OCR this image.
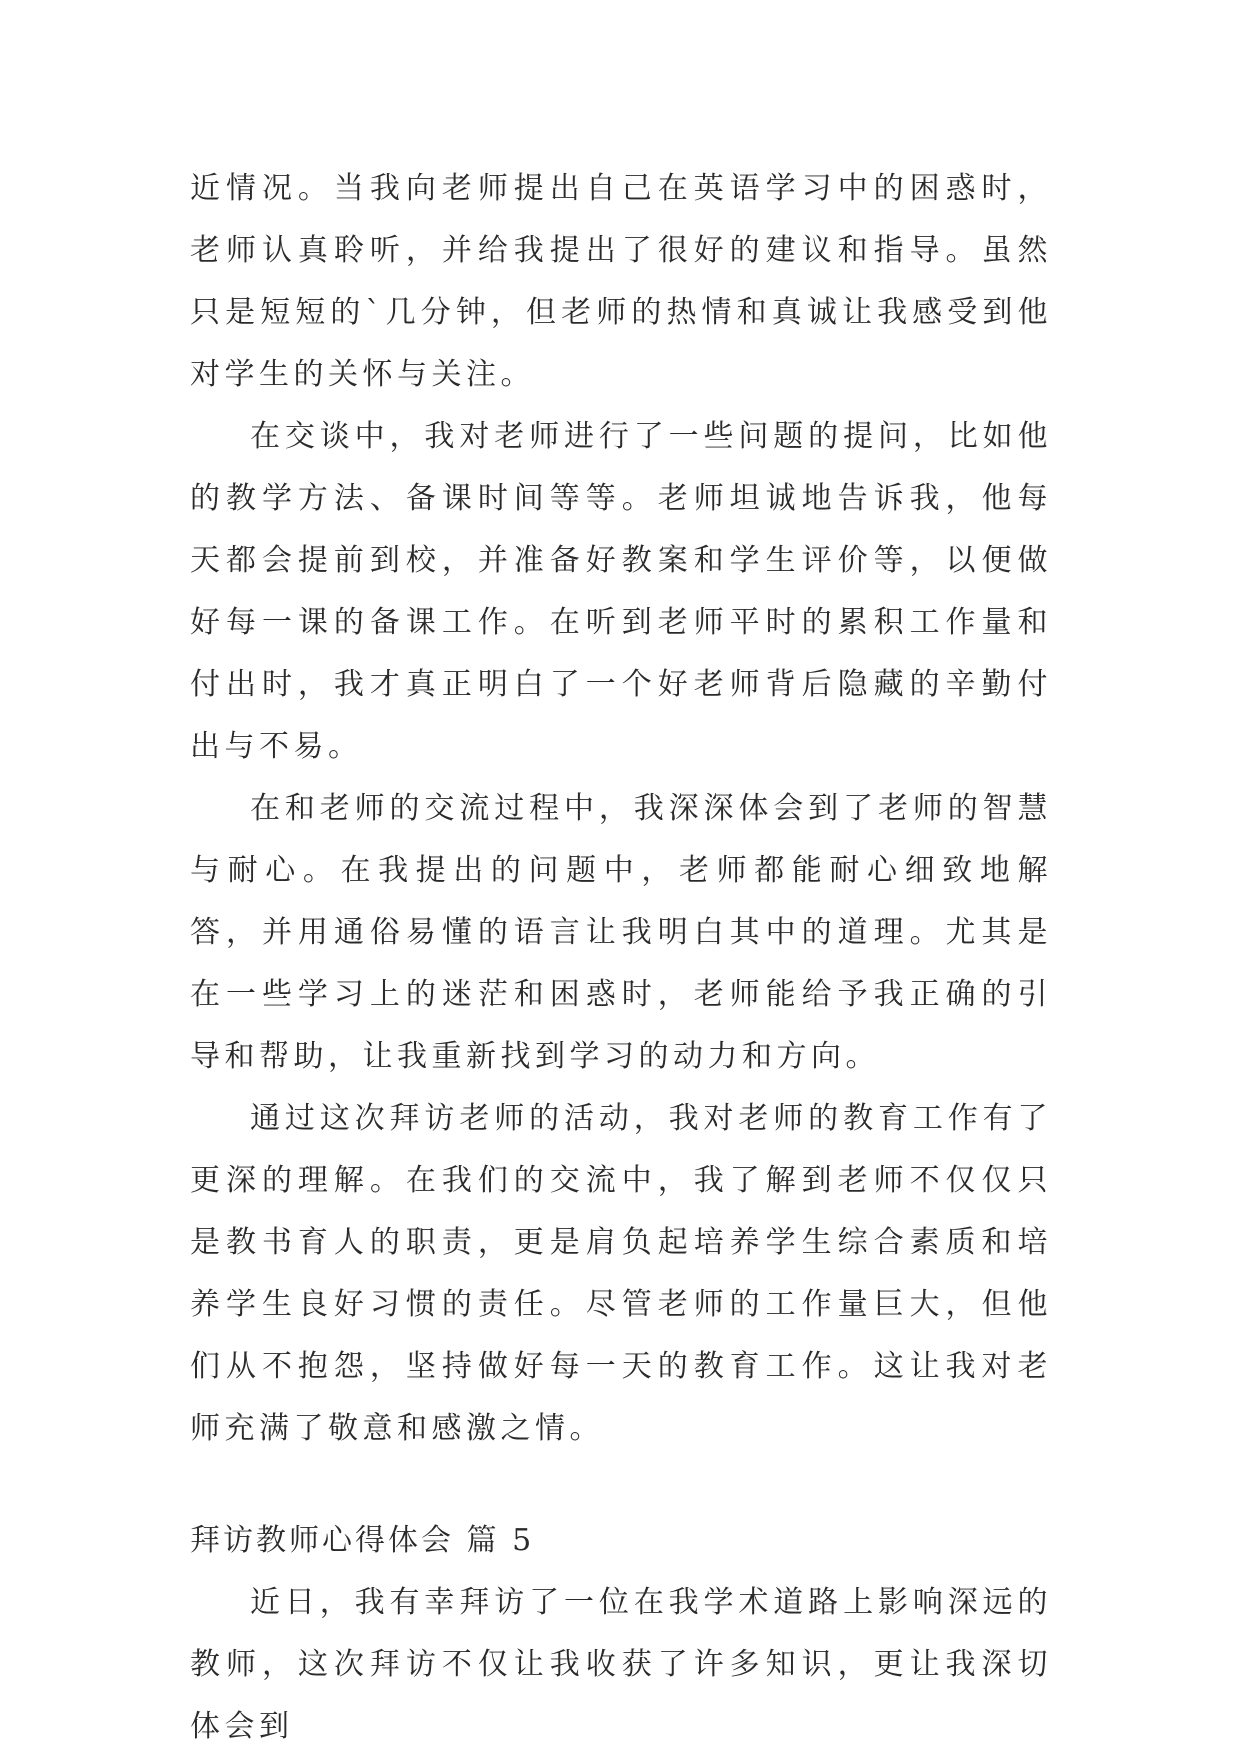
近情况。当我向老师提出自己在英语学习中的困惑时，老师认真聆听，并给我提出了很好的建议和指导。虽然只是短短的`几分钟，但老师的热情和真诚让我感受到他对学生的关怀与关注。

在交谈中，我对老师进行了一些问题的提问，比如他的教学方法、备课时间等等。老师坦诚地告诉我，他每天都会提前到校，并准备好教案和学生评价等，以便做好每一课的备课工作。在听到老师平时的累积工作量和付出时，我才真正明白了一个好老师背后隐藏的辛勤付出与不易。

在和老师的交流过程中，我深深体会到了老师的智慧与耐心。在我提出的问题中，老师都能耐心细致地解答，并用通俗易懂的语言让我明白其中的道理。尤其是在一些学习上的迷茫和困惑时，老师能给予我正确的引导和帮助，让我重新找到学习的动力和方向。

通过这次拜访老师的活动，我对老师的教育工作有了更深的理解。在我们的交流中，我了解到老师不仅仅只是教书育人的职责，更是肩负起培养学生综合素质和培养学生良好习惯的责任。尽管老师的工作量巨大，但他们从不抱怨，坚持做好每一天的教育工作。这让我对老师充满了敬意和感激之情。

拜访教师心得体会 篇 5

近日，我有幸拜访了一位在我学术道路上影响深远的教师，这次拜访不仅让我收获了许多知识，更让我深切体会到
